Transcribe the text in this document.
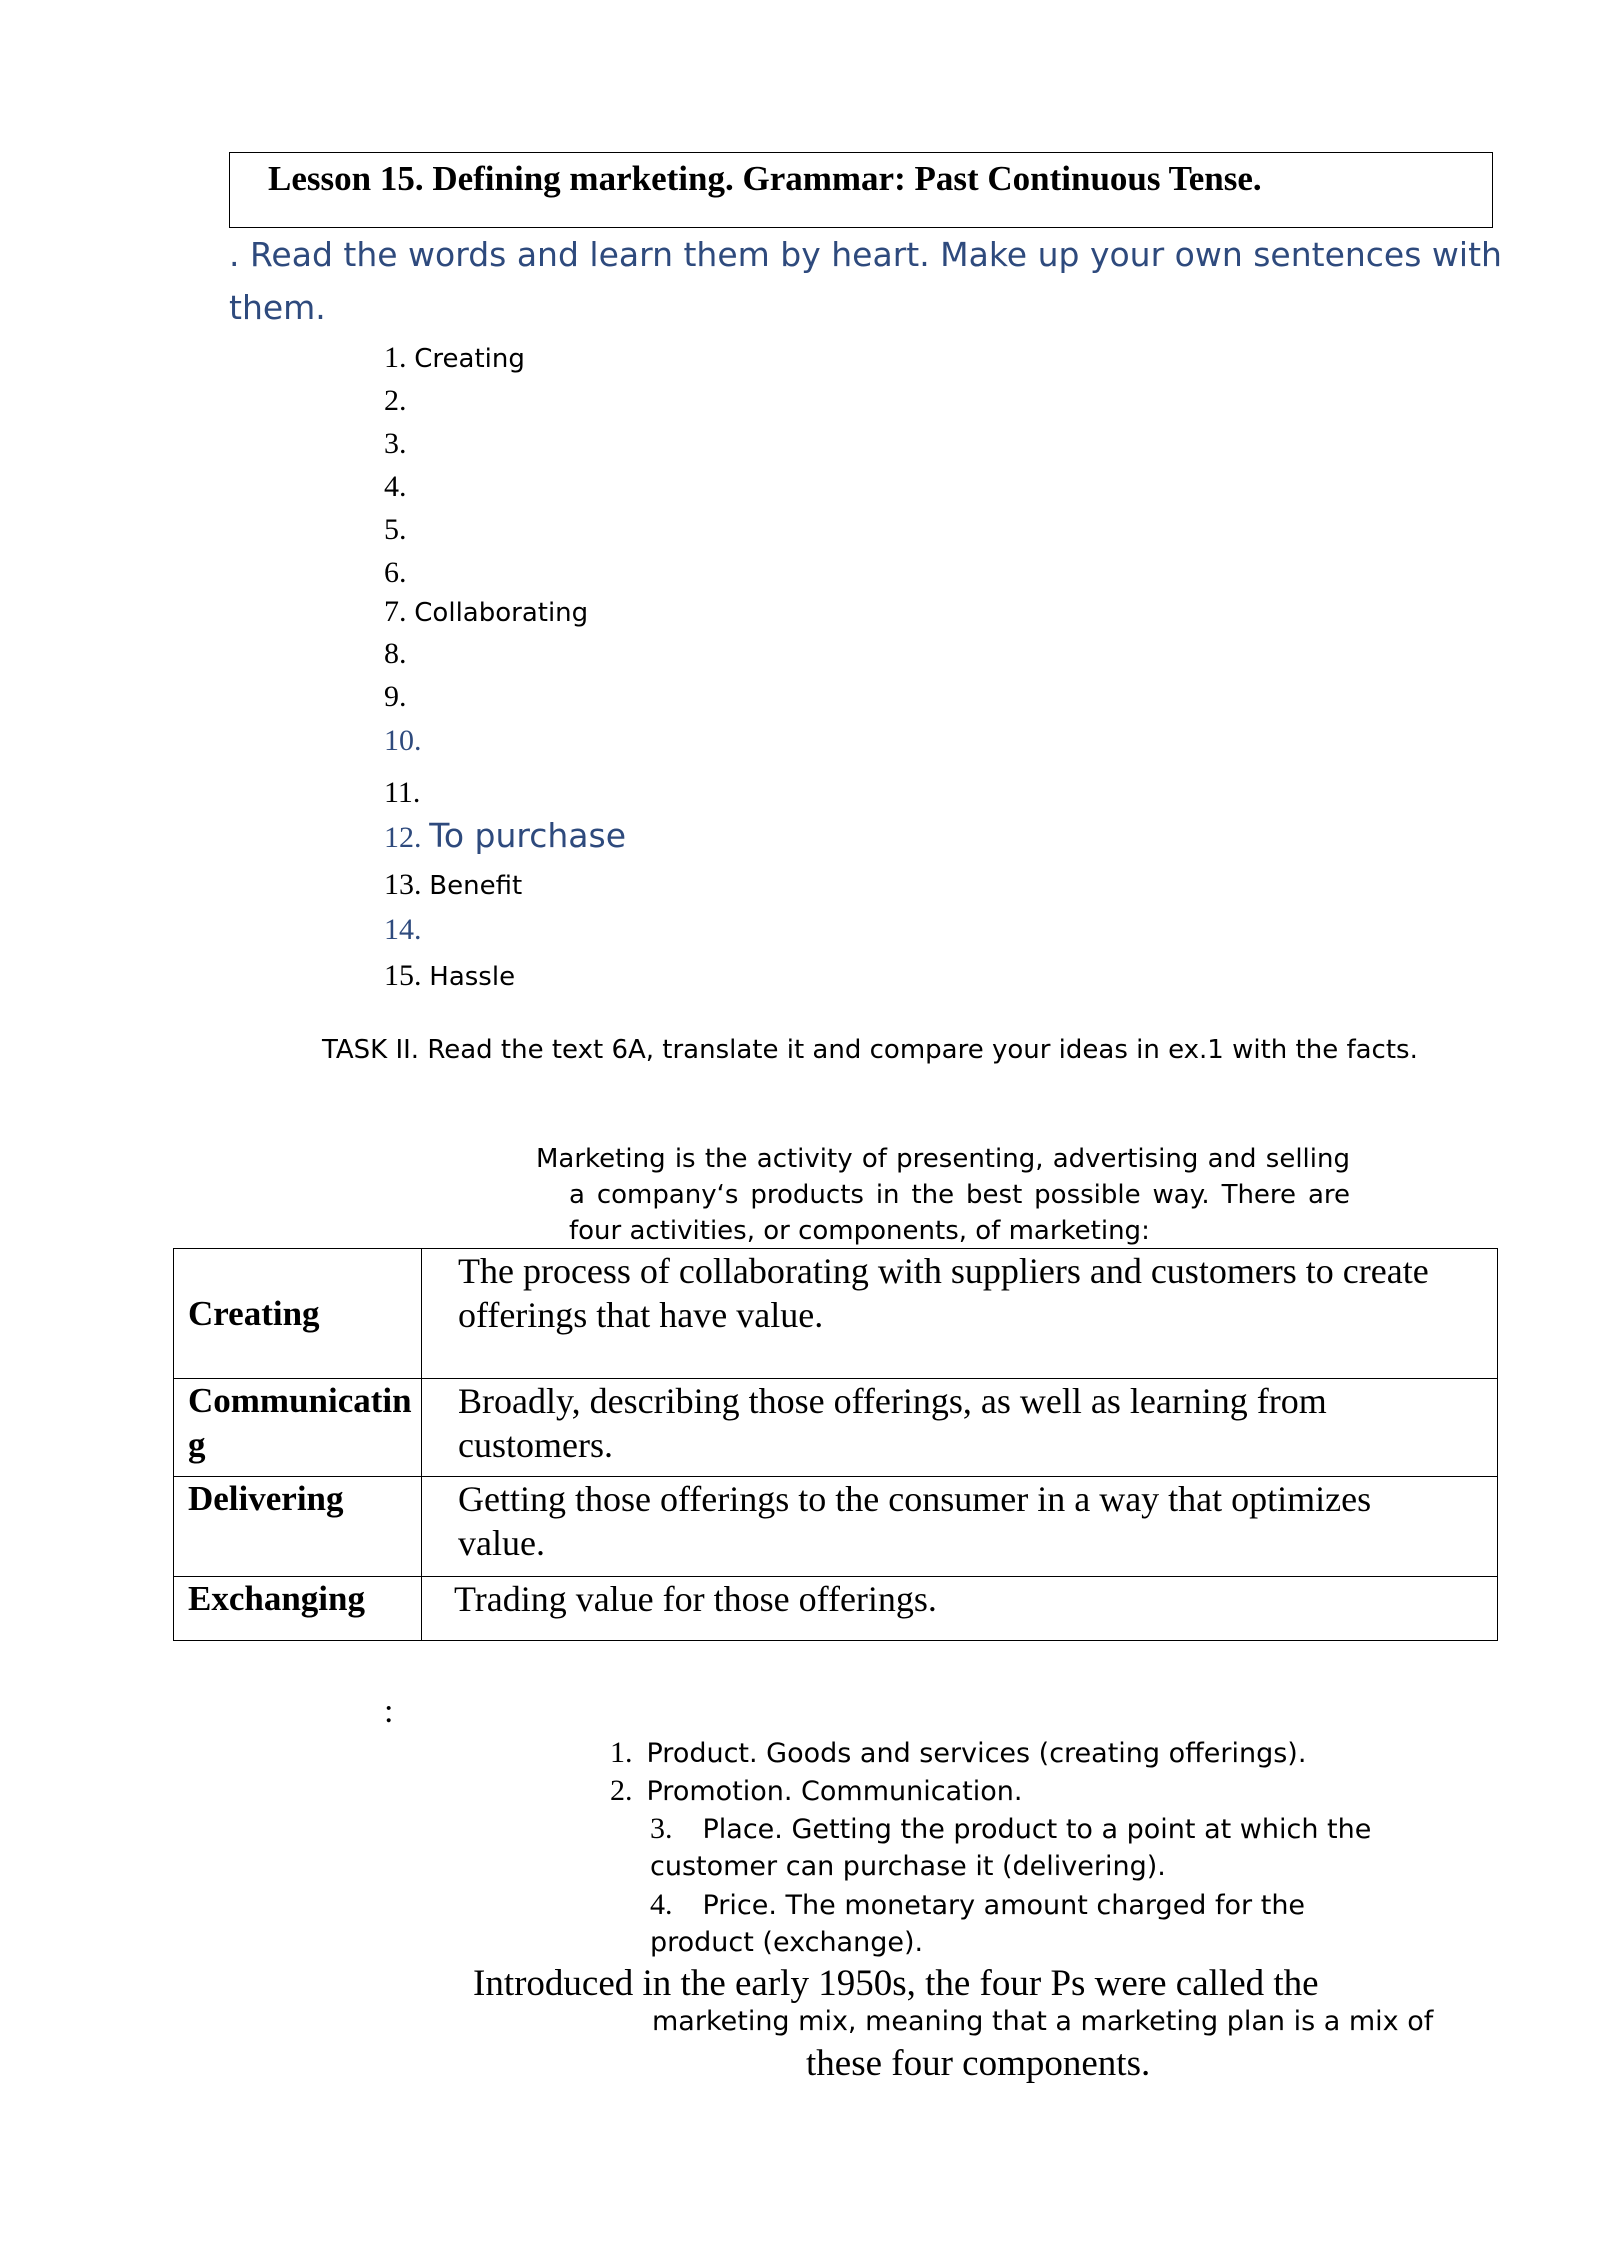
Lesson 15. Defining marketing. Grammar: Past Continuous Tense.
. Read the words and learn them by heart. Make up your own sentences with them.
1. Creating
2.
3.
4.
5.
6.
7. Collaborating
8.
9.
10.
11.
12. To purchase
13. Benefit
14.
15. Hassle
TASK II. Read the text 6A, translate it and compare your ideas in ex.1 with the facts.
Marketing is the activity of presenting, advertising and selling a company‘s products in the best possible way. There are four activities, or components, of marketing:
Creating	The process of collaborating with suppliers and customers to create offerings that have value.
Communicating	Broadly, describing those offerings, as well as learning from customers.
Delivering	Getting those offerings to the consumer in a way that optimizes value.
Exchanging	Trading value for those offerings.
:
1. Product. Goods and services (creating offerings).
2. Promotion. Communication.
3. Place. Getting the product to a point at which the
customer can purchase it (delivering).
4. Price. The monetary amount charged for the
product (exchange).
Introduced in the early 1950s, the four Ps were called the
marketing mix, meaning that a marketing plan is a mix of
these four components.
